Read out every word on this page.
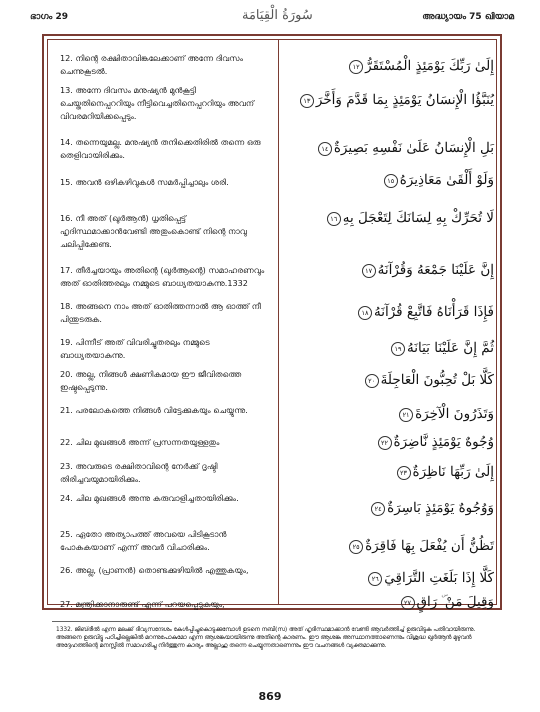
ഭാഗം 29	سُورَةُ الْقِيَامَة	അദ്ധ്യായം 75 ഖിയാമ
12. നിന്റെ രക്ഷിതാവിങ്കലേക്കാണ് അന്നേ ദിവസം ചെന്നുകൂടൽ.
13. അന്നേ ദിവസം മനുഷ്യൻ മുൻകൂട്ടി ചെയ്തതിനെപ്പററിയും നീട്ടിവെച്ചതിനെപ്പററിയും അവന് വിവരമറിയിക്കപ്പെടും.
14. തന്നെയുമല്ല. മനുഷ്യൻ തനിക്കെതിരിൽ തന്നെ ഒരു തെളിവായിരിക്കും.
15. അവൻ ഒഴികഴിവുകൾ സമർപ്പിച്ചാലും ശരി.
16. നീ അത് (ഖുർആൻ) ധൃതിപ്പെട്ട് ഹൃദിസ്ഥമാക്കാൻവേണ്ടി അതുംകൊണ്ട് നിന്റെ നാവു ചലിപ്പിക്കേണ്ട.
17. തീർച്ചയായും അതിന്റെ (ഖുർആന്റെ) സമാഹരണവും അത് ഓതിത്തരലും നമ്മുടെ ബാധ്യതയാകുന്നു.1332
18. അങ്ങനെ നാം അത് ഓതിത്തന്നാൽ ആ ഓത്ത് നീ പിന്തുടരുക.
19. പിന്നീട് അത് വിവരിച്ചുതരലും നമ്മുടെ ബാധ്യതയാകുന്നു.
20. അല്ല, നിങ്ങൾ ക്ഷണികമായ ഈ ജീവിതത്തെ ഇഷ്ടപ്പെടുന്നു.
21. പരലോകത്തെ നിങ്ങൾ വിട്ടേക്കുകയും ചെയ്യുന്നു.
22. ചില മുഖങ്ങൾ അന്ന് പ്രസന്നതയുള്ളതും
23. അവരുടെ രക്ഷിതാവിന്റെ നേർക്ക് ദൃഷ്ടി തിരിച്ചവയുമായിരിക്കും.
24. ചില മുഖങ്ങൾ അന്നു കരുവാളിച്ചതായിരിക്കും.
25. ഏതോ അത്യാപത്ത് അവയെ പിടികൂടാൻ പോകുകയാണ് എന്ന് അവർ വിചാരിക്കും.
26. അല്ല, (പ്രാണൻ) തൊണ്ടക്കുഴിയിൽ എത്തുകയും,
27. മന്ത്രിക്കാനാരുണ്ട് എന്ന് പറയപ്പെടുകയും,
إِلَىٰ رَبِّكَ يَوْمَئِذٍ الْمُسْتَقَرُّ١٢
يُنَبَّؤُا الْإِنسَانُ يَوْمَئِذٍ بِمَا قَدَّمَ وَأَخَّرَ١٣
بَلِ الْإِنسَانُ عَلَىٰ نَفْسِهِ بَصِيرَةٌ١٤
وَلَوْ أَلْقَىٰ مَعَاذِيرَهُ١٥
لَا تُحَرِّكْ بِهِ لِسَانَكَ لِتَعْجَلَ بِهِ١٦
إِنَّ عَلَيْنَا جَمْعَهُ وَقُرْآنَهُ١٧
فَإِذَا قَرَأْنَاهُ فَاتَّبِعْ قُرْآنَهُ١٨
ثُمَّ إِنَّ عَلَيْنَا بَيَانَهُ١٩
كَلَّا بَلْ تُحِبُّونَ الْعَاجِلَةَ٢٠
وَتَذَرُونَ الْآخِرَةَ٢١
وُجُوهٌ يَوْمَئِذٍ نَّاضِرَةٌ٢٢
إِلَىٰ رَبِّهَا نَاظِرَةٌ٢٣
وَوُجُوهٌ يَوْمَئِذٍ بَاسِرَةٌ٢٤
تَظُنُّ أَن يُفْعَلَ بِهَا فَاقِرَةٌ٢٥
كَلَّا إِذَا بَلَغَتِ التَّرَاقِيَ٢٦
وَقِيلَ مَنْ ۜ رَاقٍ٢٧
1332. ജിബ്‌രീൽ എന്ന മലക്ക് ദിവ്യസന്ദേശം കേൾപ്പിച്ചുകൊടുക്കുമ്പോൾ ഉടനെ നബി(സ) അത് ഹൃദിസ്ഥമാക്കാൻ വേണ്ടി ആവർത്തിച്ച് ഉരുവിടുക പതിവായിരുന്നു. അങ്ങനെ ഉരുവിട്ടു പഠിച്ചില്ലെങ്കിൽ മറന്നുപോകുമോ എന്ന ആശങ്കയായിരുന്നു അതിന്റെ കാരണം. ഈ ആശങ്ക അസ്ഥാനത്താണെന്നും വിശുദ്ധ ഖുർആൻ മുഴുവൻ അദ്ദേഹത്തിന്റെ മനസ്സിൽ സമാഹരിച്ചു നിർത്തുന്ന കാര്യം അല്ലാഹു തന്നെ ചെയ്യുന്നതാണെന്നും ഈ വചനങ്ങൾ വ്യക്തമാക്കുന്നു.
869
